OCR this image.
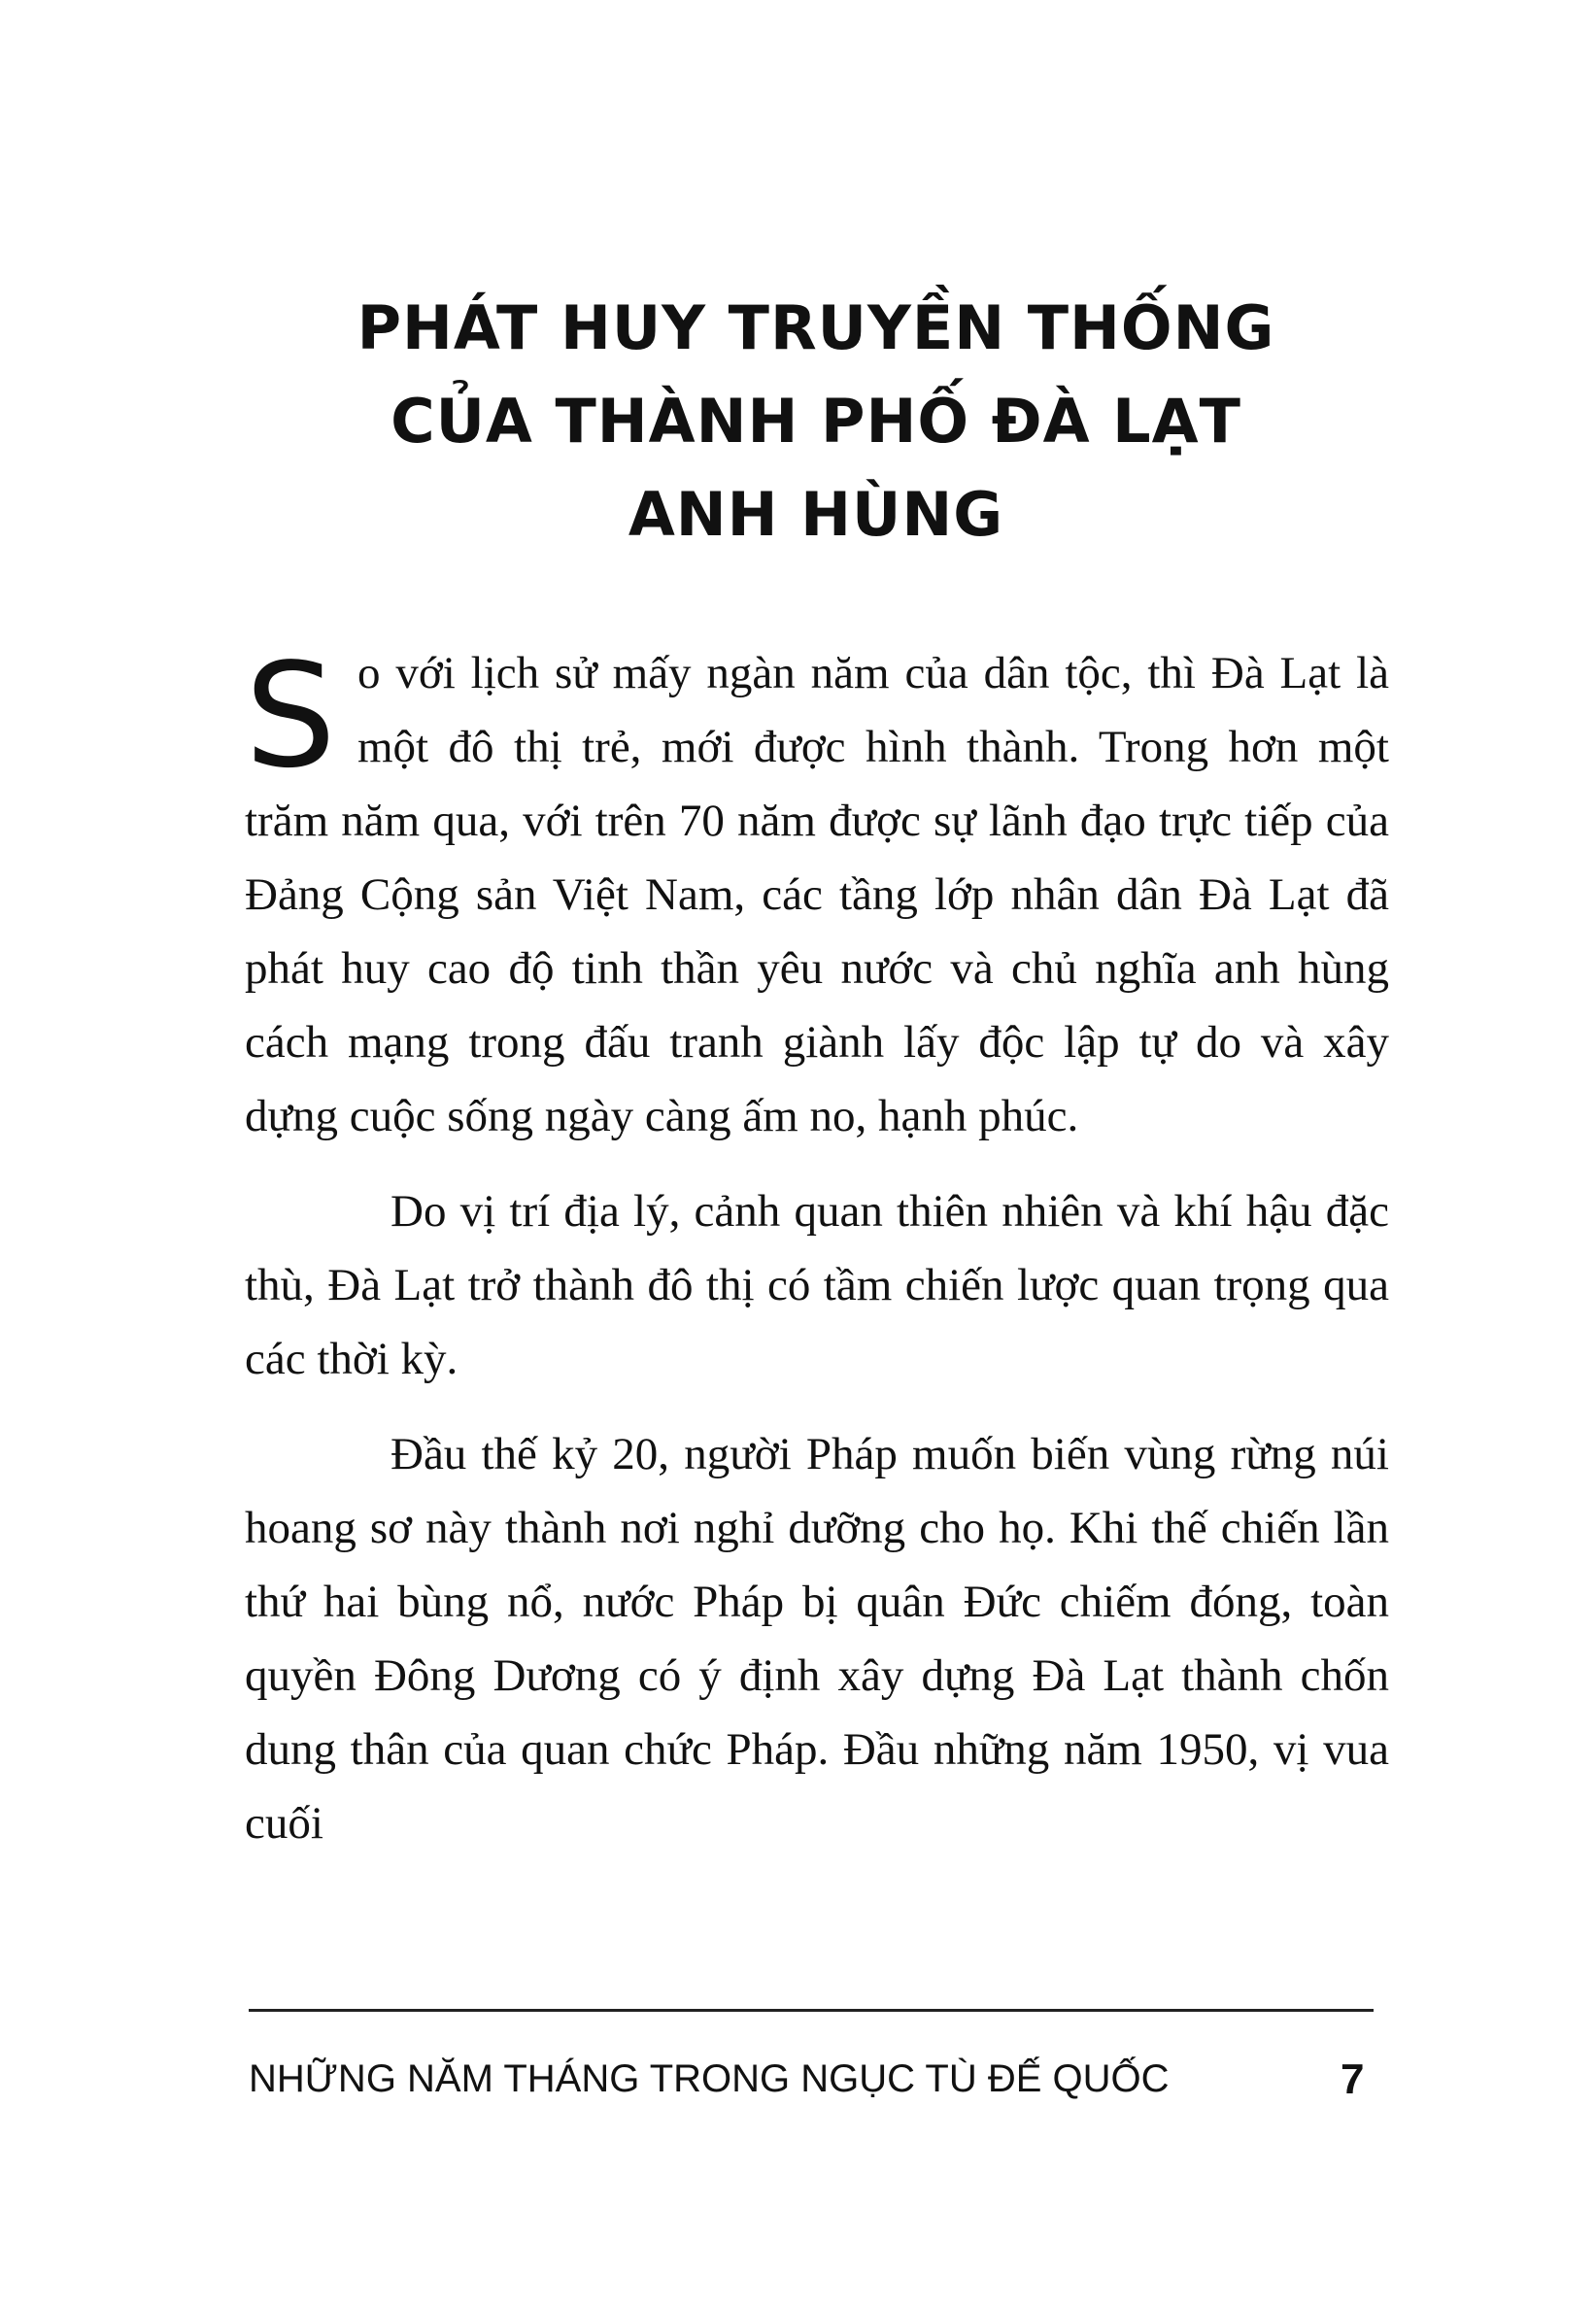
PHÁT HUY TRUYỀN THỐNG
CỦA THÀNH PHỐ ĐÀ LẠT
ANH HÙNG

So với lịch sử mấy ngàn năm của dân tộc, thì Đà Lạt là một đô thị trẻ, mới được hình thành. Trong hơn một trăm năm qua, với trên 70 năm được sự lãnh đạo trực tiếp của Đảng Cộng sản Việt Nam, các tầng lớp nhân dân Đà Lạt đã phát huy cao độ tinh thần yêu nước và chủ nghĩa anh hùng cách mạng trong đấu tranh giành lấy độc lập tự do và xây dựng cuộc sống ngày càng ấm no, hạnh phúc.

Do vị trí địa lý, cảnh quan thiên nhiên và khí hậu đặc thù, Đà Lạt trở thành đô thị có tầm chiến lược quan trọng qua các thời kỳ.

Đầu thế kỷ 20, người Pháp muốn biến vùng rừng núi hoang sơ này thành nơi nghỉ dưỡng cho họ. Khi thế chiến lần thứ hai bùng nổ, nước Pháp bị quân Đức chiếm đóng, toàn quyền Đông Dương có ý định xây dựng Đà Lạt thành chốn dung thân của quan chức Pháp. Đầu những năm 1950, vị vua cuối

NHỮNG NĂM THÁNG TRONG NGỤC TÙ ĐẾ QUỐC	7
